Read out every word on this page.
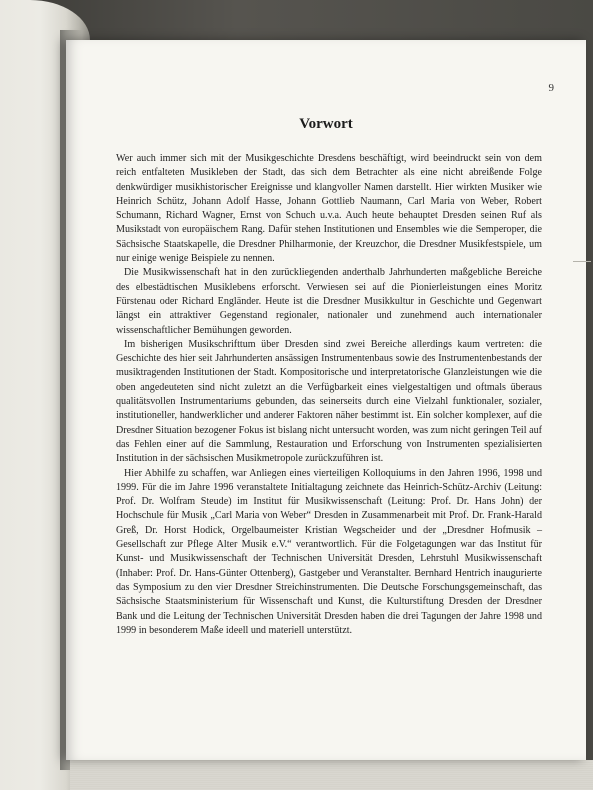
9
Vorwort

Wer auch immer sich mit der Musikgeschichte Dresdens beschäftigt, wird beeindruckt sein von dem reich entfalteten Musikleben der Stadt, das sich dem Betrachter als eine nicht abreißende Folge denkwürdiger musikhistorischer Ereignisse und klangvoller Namen darstellt. Hier wirkten Musiker wie Heinrich Schütz, Johann Adolf Hasse, Johann Gottlieb Naumann, Carl Maria von Weber, Robert Schumann, Richard Wagner, Ernst von Schuch u.v.a. Auch heute behauptet Dresden seinen Ruf als Musikstadt von europäischem Rang. Dafür stehen Institutionen und Ensembles wie die Semperoper, die Sächsische Staatskapelle, die Dresdner Philharmonie, der Kreuzchor, die Dresdner Musikfestspiele, um nur einige wenige Beispiele zu nennen.

Die Musikwissenschaft hat in den zurückliegenden anderthalb Jahrhunderten maßgebliche Bereiche des elbestädtischen Musiklebens erforscht. Verwiesen sei auf die Pionierleistungen eines Moritz Fürstenau oder Richard Engländer. Heute ist die Dresdner Musikkultur in Geschichte und Gegenwart längst ein attraktiver Gegenstand regionaler, nationaler und zunehmend auch internationaler wissenschaftlicher Bemühungen geworden.

Im bisherigen Musikschrifttum über Dresden sind zwei Bereiche allerdings kaum vertreten: die Geschichte des hier seit Jahrhunderten ansässigen Instrumentenbaus sowie des Instrumentenbestands der musiktragenden Institutionen der Stadt. Kompositorische und interpretatorische Glanzleistungen wie die oben angedeuteten sind nicht zuletzt an die Verfügbarkeit eines vielgestaltigen und oftmals überaus qualitätsvollen Instrumentariums gebunden, das seinerseits durch eine Vielzahl funktionaler, sozialer, institutioneller, handwerklicher und anderer Faktoren näher bestimmt ist. Ein solcher komplexer, auf die Dresdner Situation bezogener Fokus ist bislang nicht untersucht worden, was zum nicht geringen Teil auf das Fehlen einer auf die Sammlung, Restauration und Erforschung von Instrumenten spezialisierten Institution in der sächsischen Musikmetropole zurückzuführen ist.

Hier Abhilfe zu schaffen, war Anliegen eines vierteiligen Kolloquiums in den Jahren 1996, 1998 und 1999. Für die im Jahre 1996 veranstaltete Initialtagung zeichnete das Heinrich-Schütz-Archiv (Leitung: Prof. Dr. Wolfram Steude) im Institut für Musikwissenschaft (Leitung: Prof. Dr. Hans John) der Hochschule für Musik „Carl Maria von Weber“ Dresden in Zusammenarbeit mit Prof. Dr. Frank-Harald Greß, Dr. Horst Hodick, Orgelbaumeister Kristian Wegscheider und der „Dresdner Hofmusik – Gesellschaft zur Pflege Alter Musik e.V.“ verantwortlich. Für die Folgetagungen war das Institut für Kunst- und Musikwissenschaft der Technischen Universität Dresden, Lehrstuhl Musikwissenschaft (Inhaber: Prof. Dr. Hans-Günter Ottenberg), Gastgeber und Veranstalter. Bernhard Hentrich inaugurierte das Symposium zu den vier Dresdner Streichinstrumenten. Die Deutsche Forschungsgemeinschaft, das Sächsische Staatsministerium für Wissenschaft und Kunst, die Kulturstiftung Dresden der Dresdner Bank und die Leitung der Technischen Universität Dresden haben die drei Tagungen der Jahre 1998 und 1999 in besonderem Maße ideell und materiell unterstützt.
